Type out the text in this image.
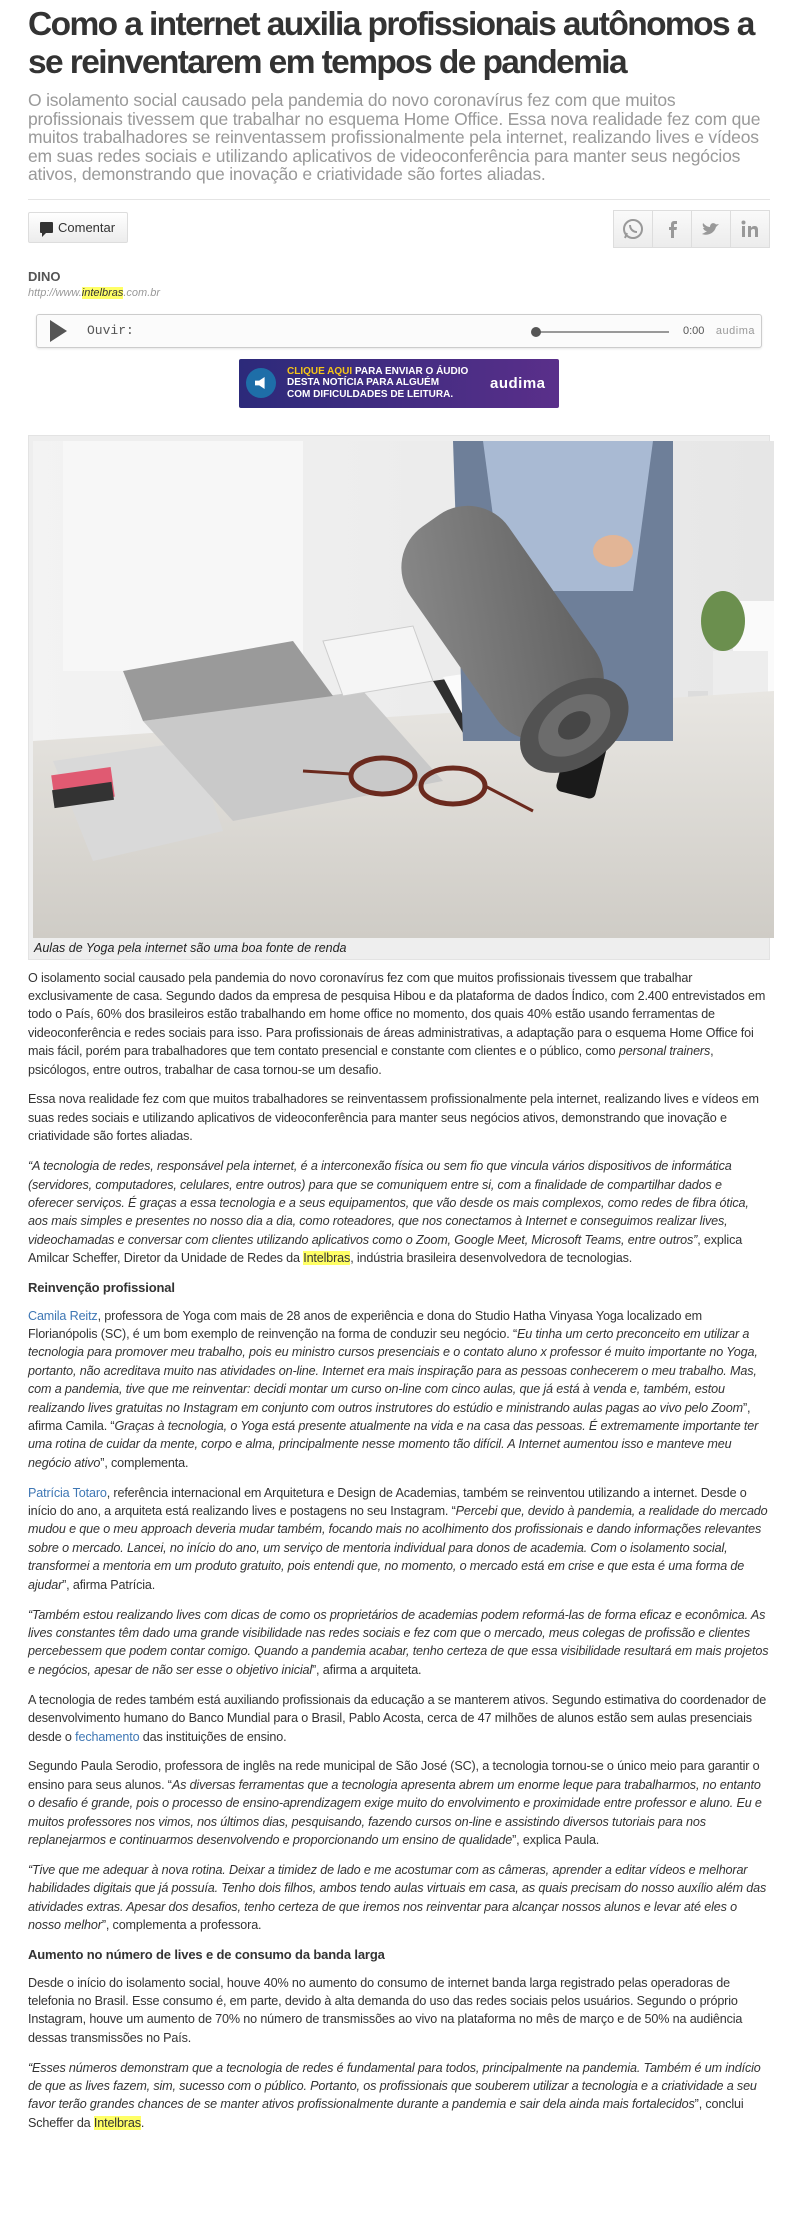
Como a internet auxilia profissionais autônomos a se reinventarem em tempos de pandemia

O isolamento social causado pela pandemia do novo coronavírus fez com que muitos profissionais tivessem que trabalhar no esquema Home Office. Essa nova realidade fez com que muitos trabalhadores se reinventassem profissionalmente pela internet, realizando lives e vídeos em suas redes sociais e utilizando aplicativos de videoconferência para manter seus negócios ativos, demonstrando que inovação e criatividade são fortes aliadas.

Comentar
DINO
http://www.intelbras.com.br
Ouvir:	0:00 audima
CLIQUE AQUI PARA ENVIAR O ÁUDIO
DESTA NOTÍCIA PARA ALGUÉM
COM DIFICULDADES DE LEITURA.
audima
Aulas de Yoga pela internet são uma boa fonte de renda

O isolamento social causado pela pandemia do novo coronavírus fez com que muitos profissionais tivessem que trabalhar exclusivamente de casa. Segundo dados da empresa de pesquisa Hibou e da plataforma de dados Índico, com 2.400 entrevistados em todo o País, 60% dos brasileiros estão trabalhando em home office no momento, dos quais 40% estão usando ferramentas de videoconferência e redes sociais para isso. Para profissionais de áreas administrativas, a adaptação para o esquema Home Office foi mais fácil, porém para trabalhadores que tem contato presencial e constante com clientes e o público, como personal trainers, psicólogos, entre outros, trabalhar de casa tornou-se um desafio.

Essa nova realidade fez com que muitos trabalhadores se reinventassem profissionalmente pela internet, realizando lives e vídeos em suas redes sociais e utilizando aplicativos de videoconferência para manter seus negócios ativos, demonstrando que inovação e criatividade são fortes aliadas.

“A tecnologia de redes, responsável pela internet, é a interconexão física ou sem fio que vincula vários dispositivos de informática (servidores, computadores, celulares, entre outros) para que se comuniquem entre si, com a finalidade de compartilhar dados e oferecer serviços. É graças a essa tecnologia e a seus equipamentos, que vão desde os mais complexos, como redes de fibra ótica, aos mais simples e presentes no nosso dia a dia, como roteadores, que nos conectamos à Internet e conseguimos realizar lives, videochamadas e conversar com clientes utilizando aplicativos como o Zoom, Google Meet, Microsoft Teams, entre outros”, explica Amilcar Scheffer, Diretor da Unidade de Redes da Intelbras, indústria brasileira desenvolvedora de tecnologias.

Reinvenção profissional

Camila Reitz, professora de Yoga com mais de 28 anos de experiência e dona do Studio Hatha Vinyasa Yoga localizado em Florianópolis (SC), é um bom exemplo de reinvenção na forma de conduzir seu negócio. “Eu tinha um certo preconceito em utilizar a tecnologia para promover meu trabalho, pois eu ministro cursos presenciais e o contato aluno x professor é muito importante no Yoga, portanto, não acreditava muito nas atividades on-line. Internet era mais inspiração para as pessoas conhecerem o meu trabalho. Mas, com a pandemia, tive que me reinventar: decidi montar um curso on-line com cinco aulas, que já está à venda e, também, estou realizando lives gratuitas no Instagram em conjunto com outros instrutores do estúdio e ministrando aulas pagas ao vivo pelo Zoom”, afirma Camila. “Graças à tecnologia, o Yoga está presente atualmente na vida e na casa das pessoas. É extremamente importante ter uma rotina de cuidar da mente, corpo e alma, principalmente nesse momento tão difícil. A Internet aumentou isso e manteve meu negócio ativo”, complementa.

Patrícia Totaro, referência internacional em Arquitetura e Design de Academias, também se reinventou utilizando a internet. Desde o início do ano, a arquiteta está realizando lives e postagens no seu Instagram. “Percebi que, devido à pandemia, a realidade do mercado mudou e que o meu approach deveria mudar também, focando mais no acolhimento dos profissionais e dando informações relevantes sobre o mercado. Lancei, no início do ano, um serviço de mentoria individual para donos de academia. Com o isolamento social, transformei a mentoria em um produto gratuito, pois entendi que, no momento, o mercado está em crise e que esta é uma forma de ajudar”, afirma Patrícia.

“Também estou realizando lives com dicas de como os proprietários de academias podem reformá-las de forma eficaz e econômica. As lives constantes têm dado uma grande visibilidade nas redes sociais e fez com que o mercado, meus colegas de profissão e clientes percebessem que podem contar comigo. Quando a pandemia acabar, tenho certeza de que essa visibilidade resultará em mais projetos e negócios, apesar de não ser esse o objetivo inicial”, afirma a arquiteta.

A tecnologia de redes também está auxiliando profissionais da educação a se manterem ativos. Segundo estimativa do coordenador de desenvolvimento humano do Banco Mundial para o Brasil, Pablo Acosta, cerca de 47 milhões de alunos estão sem aulas presenciais desde o fechamento das instituições de ensino.

Segundo Paula Serodio, professora de inglês na rede municipal de São José (SC), a tecnologia tornou-se o único meio para garantir o ensino para seus alunos. “As diversas ferramentas que a tecnologia apresenta abrem um enorme leque para trabalharmos, no entanto o desafio é grande, pois o processo de ensino-aprendizagem exige muito do envolvimento e proximidade entre professor e aluno. Eu e muitos professores nos vimos, nos últimos dias, pesquisando, fazendo cursos on-line e assistindo diversos tutoriais para nos replanejarmos e continuarmos desenvolvendo e proporcionando um ensino de qualidade”, explica Paula.

“Tive que me adequar à nova rotina. Deixar a timidez de lado e me acostumar com as câmeras, aprender a editar vídeos e melhorar habilidades digitais que já possuía. Tenho dois filhos, ambos tendo aulas virtuais em casa, as quais precisam do nosso auxílio além das atividades extras. Apesar dos desafios, tenho certeza de que iremos nos reinventar para alcançar nossos alunos e levar até eles o nosso melhor”, complementa a professora.

Aumento no número de lives e de consumo da banda larga

Desde o início do isolamento social, houve 40% no aumento do consumo de internet banda larga registrado pelas operadoras de telefonia no Brasil. Esse consumo é, em parte, devido à alta demanda do uso das redes sociais pelos usuários. Segundo o próprio Instagram, houve um aumento de 70% no número de transmissões ao vivo na plataforma no mês de março e de 50% na audiência dessas transmissões no País.

“Esses números demonstram que a tecnologia de redes é fundamental para todos, principalmente na pandemia. Também é um indício de que as lives fazem, sim, sucesso com o público. Portanto, os profissionais que souberem utilizar a tecnologia e a criatividade a seu favor terão grandes chances de se manter ativos profissionalmente durante a pandemia e sair dela ainda mais fortalecidos”, conclui Scheffer da Intelbras.
